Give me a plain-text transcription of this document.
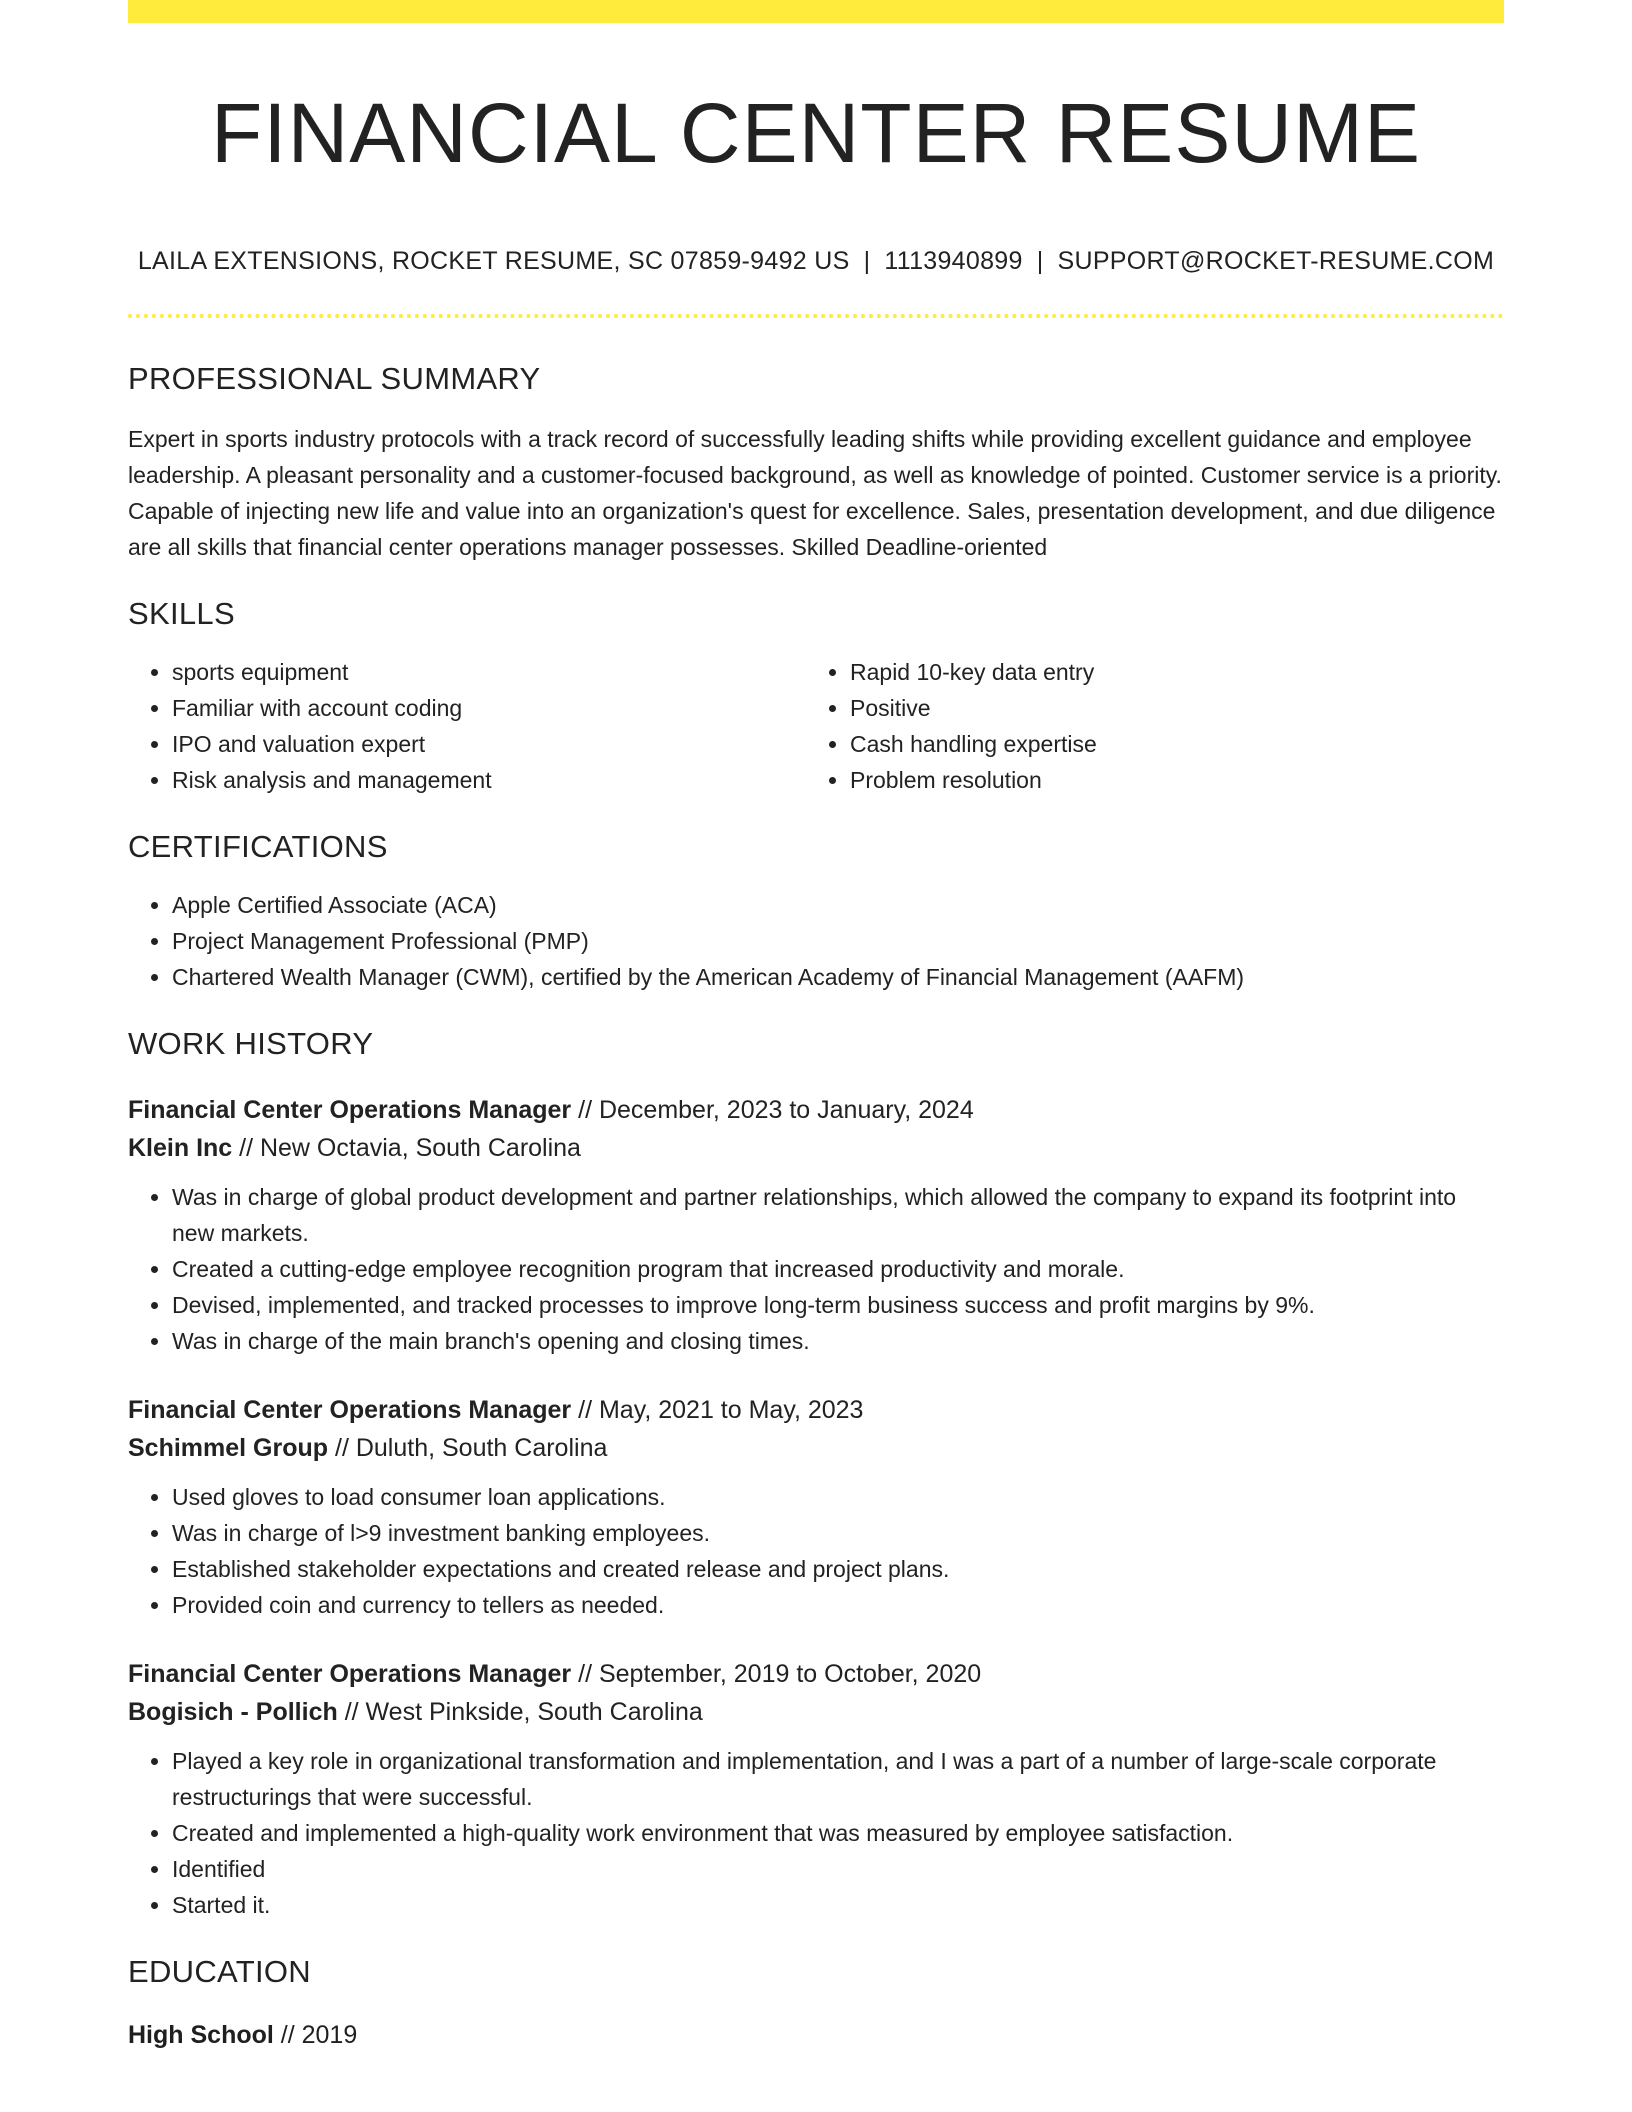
FINANCIAL CENTER RESUME
LAILA EXTENSIONS, ROCKET RESUME, SC 07859-9492 US | 1113940899 | SUPPORT@ROCKET-RESUME.COM
PROFESSIONAL SUMMARY

Expert in sports industry protocols with a track record of successfully leading shifts while providing excellent guidance and employee leadership. A pleasant personality and a customer-focused background, as well as knowledge of pointed. Customer service is a priority. Capable of injecting new life and value into an organization's quest for excellence. Sales, presentation development, and due diligence are all skills that financial center operations manager possesses. Skilled Deadline-oriented

SKILLS
• sports equipment
• Familiar with account coding
• IPO and valuation expert
• Risk analysis and management
• Rapid 10-key data entry
• Positive
• Cash handling expertise
• Problem resolution
CERTIFICATIONS
• Apple Certified Associate (ACA)
• Project Management Professional (PMP)
• Chartered Wealth Manager (CWM), certified by the American Academy of Financial Management (AAFM)
WORK HISTORY
Financial Center Operations Manager // December, 2023 to January, 2024
Klein Inc // New Octavia, South Carolina
• Was in charge of global product development and partner relationships, which allowed the company to expand its footprint into new markets.
• Created a cutting-edge employee recognition program that increased productivity and morale.
• Devised, implemented, and tracked processes to improve long-term business success and profit margins by 9%.
• Was in charge of the main branch's opening and closing times.
Financial Center Operations Manager // May, 2021 to May, 2023
Schimmel Group // Duluth, South Carolina
• Used gloves to load consumer loan applications.
• Was in charge of l>9 investment banking employees.
• Established stakeholder expectations and created release and project plans.
• Provided coin and currency to tellers as needed.
Financial Center Operations Manager // September, 2019 to October, 2020
Bogisich - Pollich // West Pinkside, South Carolina
• Played a key role in organizational transformation and implementation, and I was a part of a number of large-scale corporate restructurings that were successful.
• Created and implemented a high-quality work environment that was measured by employee satisfaction.
• Identified
• Started it.
EDUCATION
High School // 2019
